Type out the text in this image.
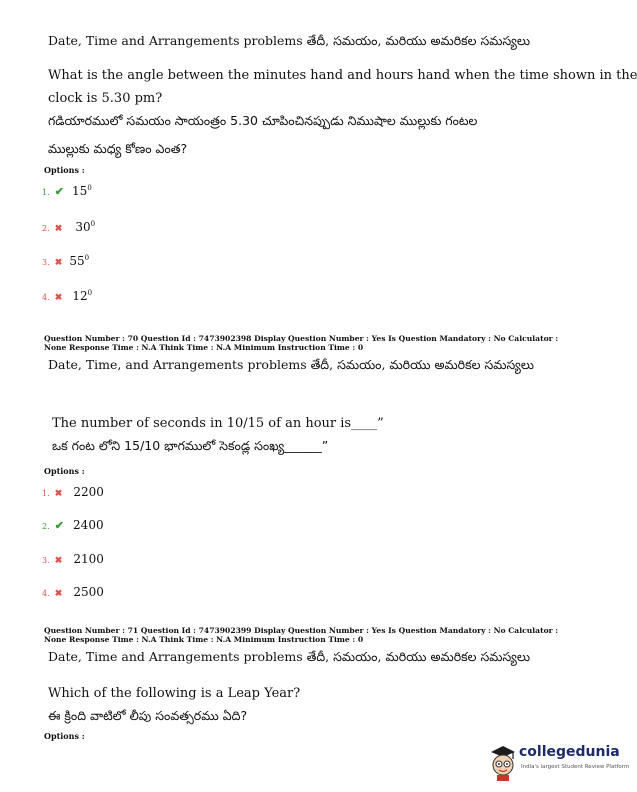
Date, Time and Arrangements problems తేదీ, సమయం, మరియు అమరికల సమస్యలు
What is the angle between the minutes hand and hours hand when the time shown in the
clock is 5.30 pm?
గడియారములో సమయం సాయంత్రం 5.30 చూపించినప్పుడు నిముషాల ముల్లుకు గంటల
ముల్లుకు మధ్య కోణం ఎంత?
Options :
1. ✔ $15^0$
2. ✖ $30^0$
3. ✖ $55^0$
4. ✖ $12^0$
Question Number : 70 Question Id : 7473902398 Display Question Number : Yes Is Question Mandatory : No Calculator : None Response Time : N.A Think Time : N.A Minimum Instruction Time : 0
Date, Time, and Arrangements problems తేదీ, సమయం, మరియు అమరికల సమస్యలు
The number of seconds in 10/15 of an hour is____”
ఒక గంట లోని 15/10 భాగములో సెకండ్ల సంఖ్య______”
Options :
1. ✖ 2200
2. ✔ 2400
3. ✖ 2100
4. ✖ 2500
Question Number : 71 Question Id : 7473902399 Display Question Number : Yes Is Question Mandatory : No Calculator : None Response Time : N.A Think Time : N.A Minimum Instruction Time : 0
Date, Time and Arrangements problems తేదీ, సమయం, మరియు అమరికల సమస్యలు
Which of the following is a Leap Year?
ఈ క్రింది వాటిలో లీపు సంవత్సరము ఏది?
Options :
collegedunia
India's largest Student Review Platform
